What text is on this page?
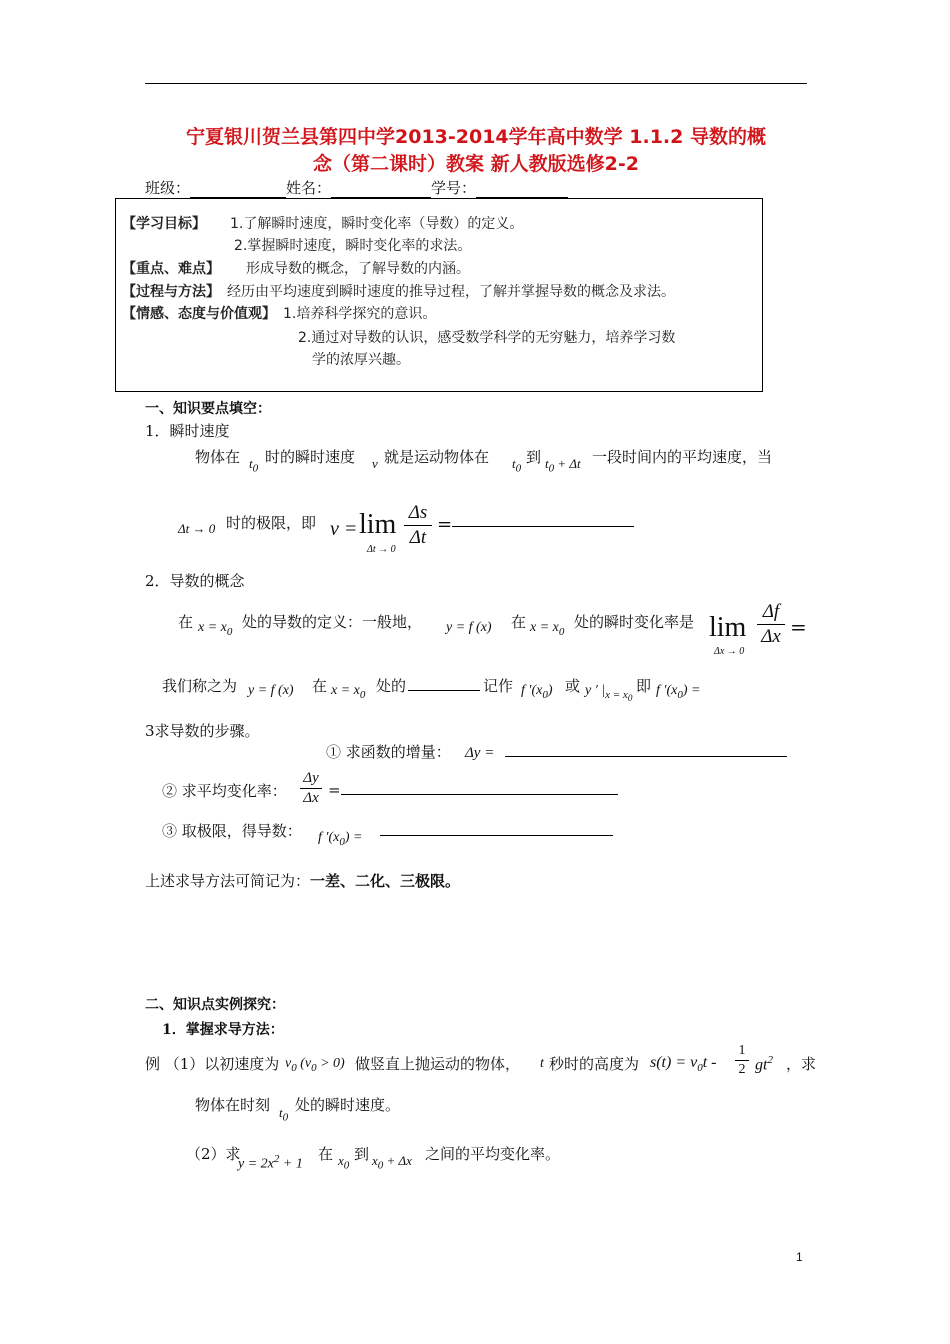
宁夏银川贺兰县第四中学2013-2014学年高中数学 1.1.2 导数的概
念（第二课时）教案 新人教版选修2-2
班级：	姓名：	学号：
【学习目标】 1.了解瞬时速度，瞬时变化率（导数）的定义。
2.掌握瞬时速度，瞬时变化率的求法。
【重点、难点】 形成导数的概念，了解导数的内涵。
【过程与方法】 经历由平均速度到瞬时速度的推导过程，了解并掌握导数的概念及求法。
【情感、态度与价值观】 1.培养科学探究的意识。
2.通过对导数的认识，感受数学科学的无穷魅力，培养学习数
学的浓厚兴趣。
一、知识要点填空：
1．瞬时速度
物体在 $t_0$
时的瞬时速度 v 就是运动物体在 $t_0$
到 $t_0 + \Delta t$ 一段时间内的平均速度，当
Δt → 0 时的极限，即 v = lim
Δt → 0
Δs
Δt
=
2．导数的概念
在 $x = x_0$
处的导数的定义：一般地， y = f (x) 在 $x = x_0$
处的瞬时变化率是 lim
Δx → 0
Δf
Δx =
我们称之为 y = f (x) 在 $x = x_0$ 处的	记作 f $'(x_0)$ 或 y ′ $|_{x = x_0}$
即 f $'(x_0)$ =
3求导数的步骤。
① 求函数的增量： Δy =
② 求平均变化率：
Δy
Δx =
③ 取极限，得导数： f $'(x_0)$ =
上述求导方法可简记为：一差、二化、三极限。
二、知识点实例探究：
1．掌握求导方法：
例 （1）以初速度为 $v_0$ $(v_0 > 0)$ 做竖直上抛运动的物体， t 秒时的高度为 $s(t) = v_0t$ -
1
2 $gt^2$ ，求
物体在时刻 $t_0$
处的瞬时速度。
（2）求
$y = 2x^2 + 1$
在 $x_0$
到 $x_0 + \Delta x$ 之间的平均变化率。
1
